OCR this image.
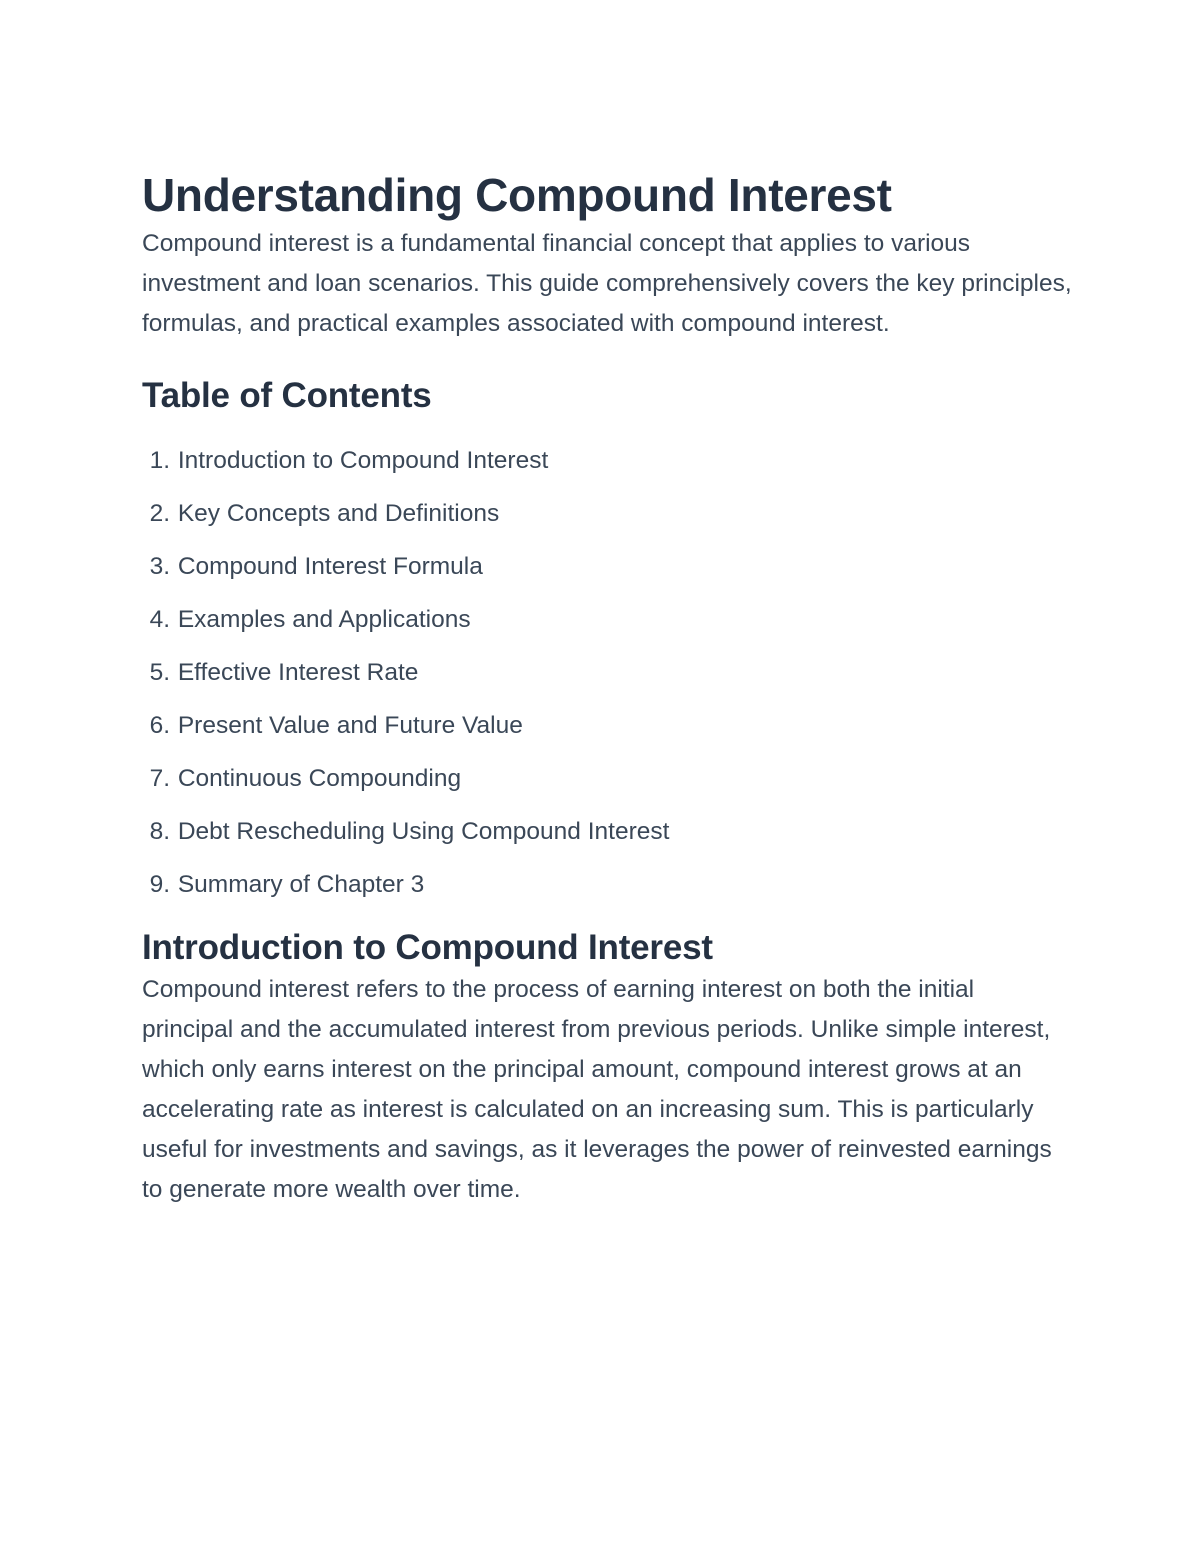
Understanding Compound Interest

Compound interest is a fundamental financial concept that applies to various investment and loan scenarios. This guide comprehensively covers the key principles, formulas, and practical examples associated with compound interest.

Table of Contents
1.
Introduction to Compound Interest
2.
Key Concepts and Definitions
3.
Compound Interest Formula
4.
Examples and Applications
5.
Effective Interest Rate
6.
Present Value and Future Value
7.
Continuous Compounding
8.
Debt Rescheduling Using Compound Interest
9.
Summary of Chapter 3
Introduction to Compound Interest

Compound interest refers to the process of earning interest on both the initial principal and the accumulated interest from previous periods. Unlike simple interest, which only earns interest on the principal amount, compound interest grows at an accelerating rate as interest is calculated on an increasing sum. This is particularly useful for investments and savings, as it leverages the power of reinvested earnings to generate more wealth over time.
